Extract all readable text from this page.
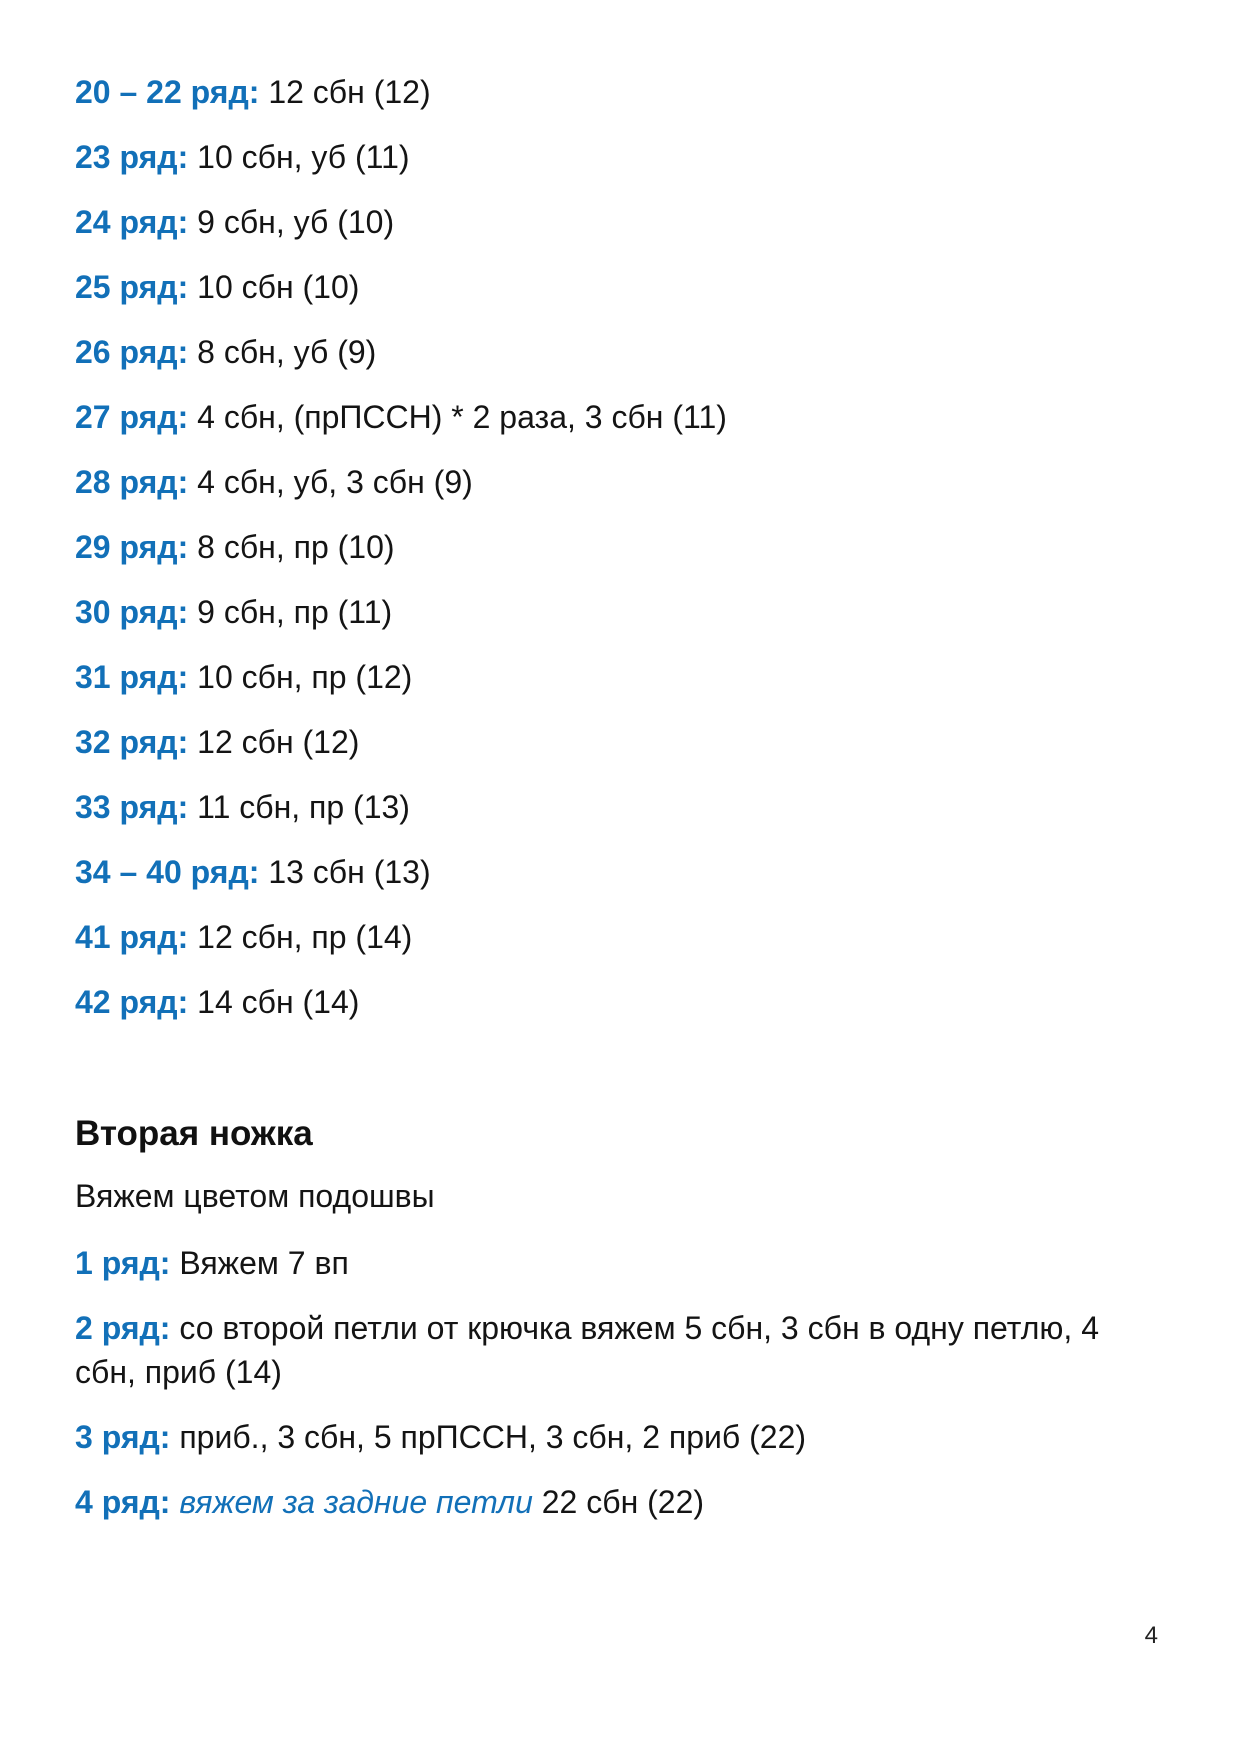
20 – 22 ряд: 12 сбн (12)
23 ряд: 10 сбн, уб (11)
24 ряд: 9 сбн, уб (10)
25 ряд: 10 сбн (10)
26 ряд: 8 сбн, уб (9)
27 ряд: 4 сбн, (прПССН) * 2 раза, 3 сбн (11)
28 ряд: 4 сбн, уб, 3 сбн (9)
29 ряд: 8 сбн, пр (10)
30 ряд: 9 сбн, пр (11)
31 ряд: 10 сбн, пр (12)
32 ряд: 12 сбн (12)
33 ряд: 11 сбн, пр (13)
34 – 40 ряд: 13 сбн (13)
41 ряд: 12 сбн, пр (14)
42 ряд: 14 сбн (14)
Вторая ножка
Вяжем цветом подошвы
1 ряд: Вяжем 7 вп
2 ряд: со второй петли от крючка вяжем 5 сбн, 3 сбн в одну петлю, 4 сбн, приб (14)
3 ряд: приб., 3 сбн, 5 прПССН, 3 сбн, 2 приб (22)
4 ряд: вяжем за задние петли 22 сбн (22)
4
